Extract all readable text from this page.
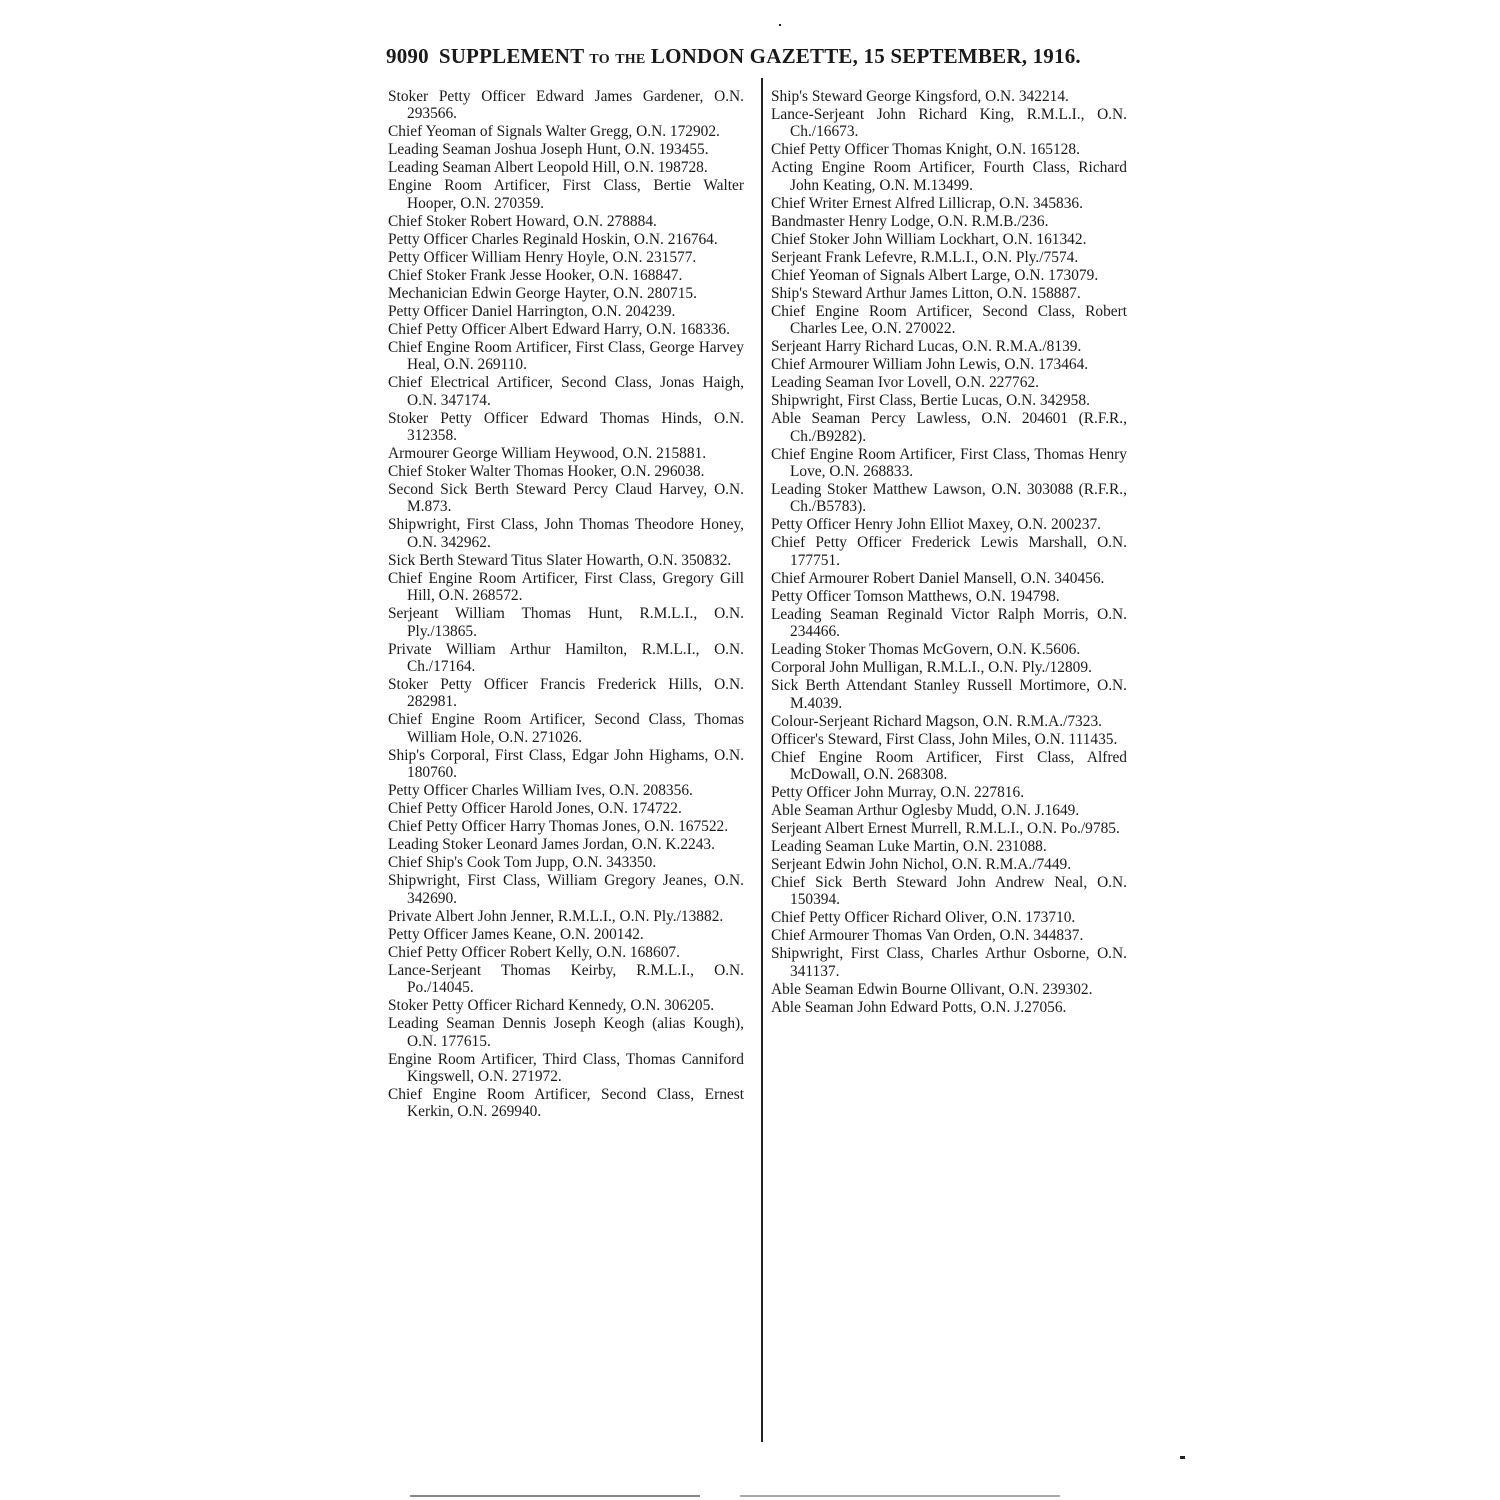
9090 SUPPLEMENT TO THE LONDON GAZETTE, 15 SEPTEMBER, 1916.

Stoker Petty Officer Edward James Gardener, O.N. 293566.

Chief Yeoman of Signals Walter Gregg, O.N. 172902.

Leading Seaman Joshua Joseph Hunt, O.N. 193455.

Leading Seaman Albert Leopold Hill, O.N. 198728.

Engine Room Artificer, First Class, Bertie Walter Hooper, O.N. 270359.

Chief Stoker Robert Howard, O.N. 278884.

Petty Officer Charles Reginald Hoskin, O.N. 216764.

Petty Officer William Henry Hoyle, O.N. 231577.

Chief Stoker Frank Jesse Hooker, O.N. 168847.

Mechanician Edwin George Hayter, O.N. 280715.

Petty Officer Daniel Harrington, O.N. 204239.

Chief Petty Officer Albert Edward Harry, O.N. 168336.

Chief Engine Room Artificer, First Class, George Harvey Heal, O.N. 269110.

Chief Electrical Artificer, Second Class, Jonas Haigh, O.N. 347174.

Stoker Petty Officer Edward Thomas Hinds, O.N. 312358.

Armourer George William Heywood, O.N. 215881.

Chief Stoker Walter Thomas Hooker, O.N. 296038.

Second Sick Berth Steward Percy Claud Harvey, O.N. M.873.

Shipwright, First Class, John Thomas Theodore Honey, O.N. 342962.

Sick Berth Steward Titus Slater Howarth, O.N. 350832.

Chief Engine Room Artificer, First Class, Gregory Gill Hill, O.N. 268572.

Serjeant William Thomas Hunt, R.M.L.I., O.N. Ply./13865.

Private William Arthur Hamilton, R.M.L.I., O.N. Ch./17164.

Stoker Petty Officer Francis Frederick Hills, O.N. 282981.

Chief Engine Room Artificer, Second Class, Thomas William Hole, O.N. 271026.

Ship's Corporal, First Class, Edgar John Highams, O.N. 180760.

Petty Officer Charles William Ives, O.N. 208356.

Chief Petty Officer Harold Jones, O.N. 174722.

Chief Petty Officer Harry Thomas Jones, O.N. 167522.

Leading Stoker Leonard James Jordan, O.N. K.2243.

Chief Ship's Cook Tom Jupp, O.N. 343350.

Shipwright, First Class, William Gregory Jeanes, O.N. 342690.

Private Albert John Jenner, R.M.L.I., O.N. Ply./13882.

Petty Officer James Keane, O.N. 200142.

Chief Petty Officer Robert Kelly, O.N. 168607.

Lance-Serjeant Thomas Keirby, R.M.L.I., O.N. Po./14045.

Stoker Petty Officer Richard Kennedy, O.N. 306205.

Leading Seaman Dennis Joseph Keogh (alias Kough), O.N. 177615.

Engine Room Artificer, Third Class, Thomas Canniford Kingswell, O.N. 271972.

Chief Engine Room Artificer, Second Class, Ernest Kerkin, O.N. 269940.

Ship's Steward George Kingsford, O.N. 342214.

Lance-Serjeant John Richard King, R.M.L.I., O.N. Ch./16673.

Chief Petty Officer Thomas Knight, O.N. 165128.

Acting Engine Room Artificer, Fourth Class, Richard John Keating, O.N. M.13499.

Chief Writer Ernest Alfred Lillicrap, O.N. 345836.

Bandmaster Henry Lodge, O.N. R.M.B./236.

Chief Stoker John William Lockhart, O.N. 161342.

Serjeant Frank Lefevre, R.M.L.I., O.N. Ply./7574.

Chief Yeoman of Signals Albert Large, O.N. 173079.

Ship's Steward Arthur James Litton, O.N. 158887.

Chief Engine Room Artificer, Second Class, Robert Charles Lee, O.N. 270022.

Serjeant Harry Richard Lucas, O.N. R.M.A./8139.

Chief Armourer William John Lewis, O.N. 173464.

Leading Seaman Ivor Lovell, O.N. 227762.

Shipwright, First Class, Bertie Lucas, O.N. 342958.

Able Seaman Percy Lawless, O.N. 204601 (R.F.R., Ch./B9282).

Chief Engine Room Artificer, First Class, Thomas Henry Love, O.N. 268833.

Leading Stoker Matthew Lawson, O.N. 303088 (R.F.R., Ch./B5783).

Petty Officer Henry John Elliot Maxey, O.N. 200237.

Chief Petty Officer Frederick Lewis Marshall, O.N. 177751.

Chief Armourer Robert Daniel Mansell, O.N. 340456.

Petty Officer Tomson Matthews, O.N. 194798.

Leading Seaman Reginald Victor Ralph Morris, O.N. 234466.

Leading Stoker Thomas McGovern, O.N. K.5606.

Corporal John Mulligan, R.M.L.I., O.N. Ply./12809.

Sick Berth Attendant Stanley Russell Mortimore, O.N. M.4039.

Colour-Serjeant Richard Magson, O.N. R.M.A./7323.

Officer's Steward, First Class, John Miles, O.N. 111435.

Chief Engine Room Artificer, First Class, Alfred McDowall, O.N. 268308.

Petty Officer John Murray, O.N. 227816.

Able Seaman Arthur Oglesby Mudd, O.N. J.1649.

Serjeant Albert Ernest Murrell, R.M.L.I., O.N. Po./9785.

Leading Seaman Luke Martin, O.N. 231088.

Serjeant Edwin John Nichol, O.N. R.M.A./7449.

Chief Sick Berth Steward John Andrew Neal, O.N. 150394.

Chief Petty Officer Richard Oliver, O.N. 173710.

Chief Armourer Thomas Van Orden, O.N. 344837.

Shipwright, First Class, Charles Arthur Osborne, O.N. 341137.

Able Seaman Edwin Bourne Ollivant, O.N. 239302.

Able Seaman John Edward Potts, O.N. J.27056.
